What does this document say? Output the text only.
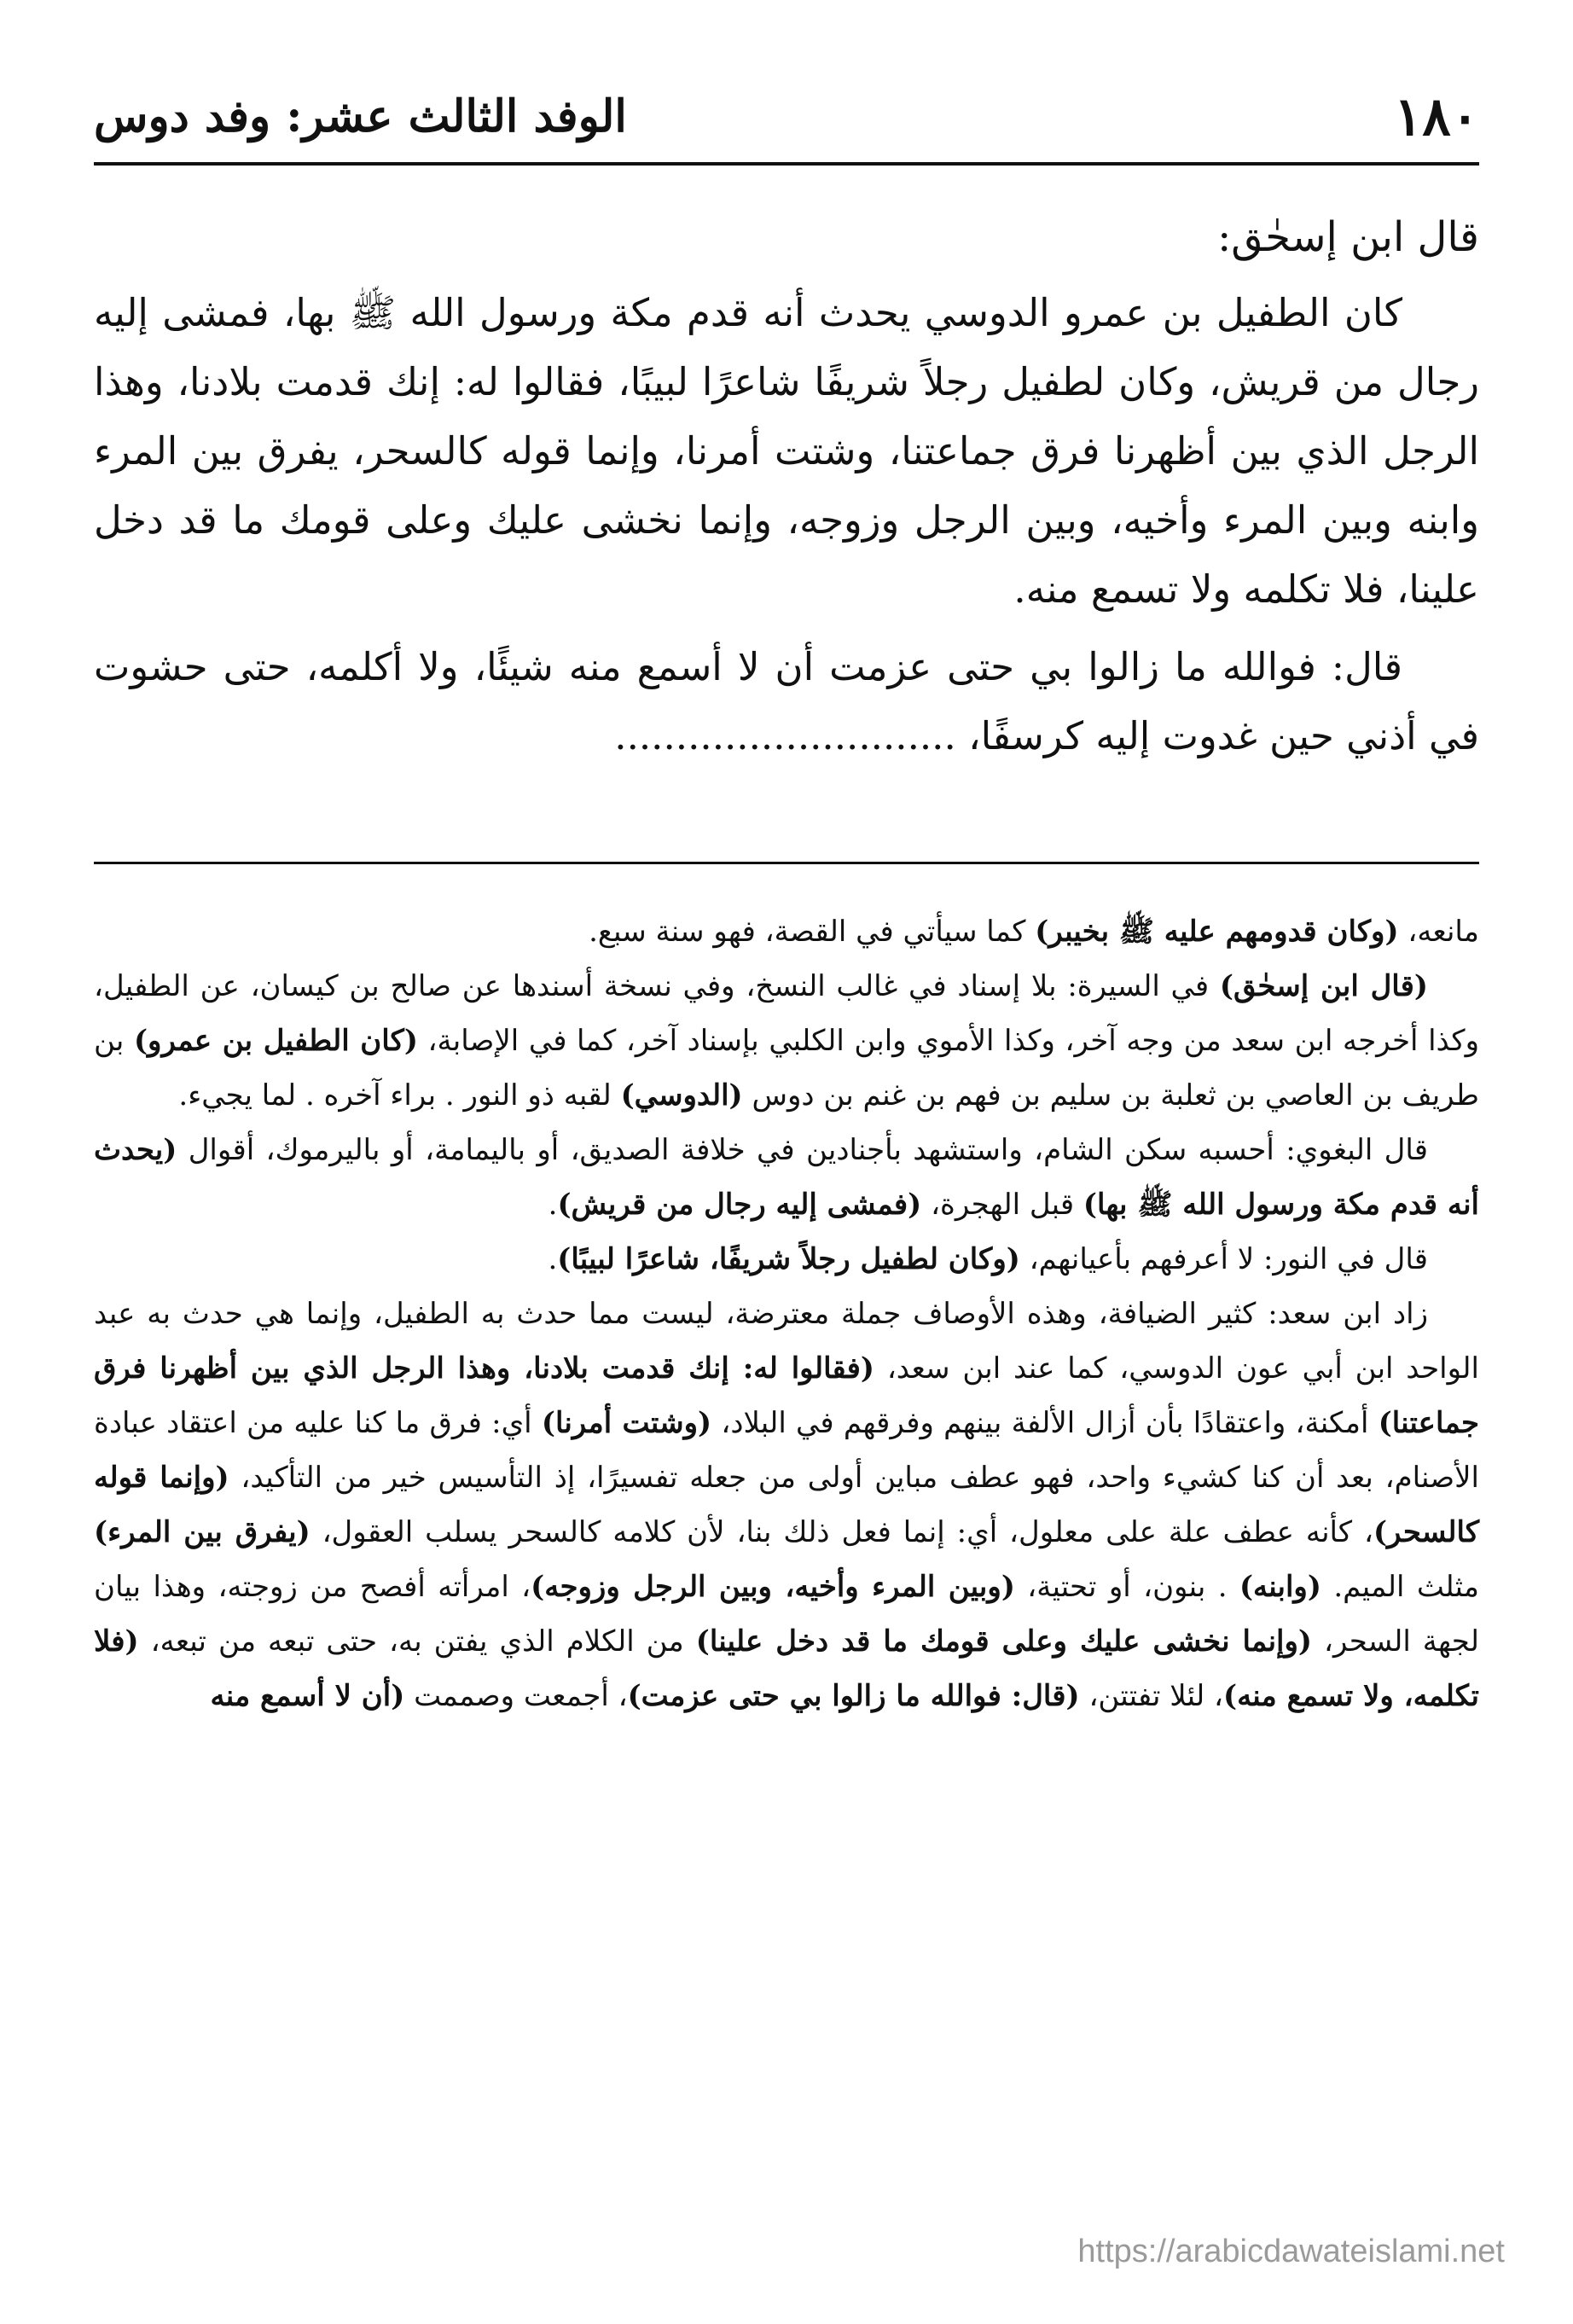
١٨٠
الوفد الثالث عشر: وفد دوس
قال ابن إسحٰق:

كان الطفيل بن عمرو الدوسي يحدث أنه قدم مكة ورسول الله ﷺ بها، فمشى إليه رجال من قريش، وكان لطفيل رجلاً شريفًا شاعرًا لبيبًا، فقالوا له: إنك قدمت بلادنا، وهذا الرجل الذي بين أظهرنا فرق جماعتنا، وشتت أمرنا، وإنما قوله كالسحر، يفرق بين المرء وابنه وبين المرء وأخيه، وبين الرجل وزوجه، وإنما نخشى عليك وعلى قومك ما قد دخل علينا، فلا تكلمه ولا تسمع منه.

قال: فوالله ما زالوا بي حتى عزمت أن لا أسمع منه شيئًا، ولا أكلمه، حتى حشوت في أذني حين غدوت إليه كرسفًا، ............................

مانعه، (وكان قدومهم عليه ﷺ بخيبر) كما سيأتي في القصة، فهو سنة سبع.

(قال ابن إسحٰق) في السيرة: بلا إسناد في غالب النسخ، وفي نسخة أسندها عن صالح بن كيسان، عن الطفيل، وكذا أخرجه ابن سعد من وجه آخر، وكذا الأموي وابن الكلبي بإسناد آخر، كما في الإصابة، (كان الطفيل بن عمرو) بن طريف بن العاصي بن ثعلبة بن سليم بن فهم بن غنم بن دوس (الدوسي) لقبه ذو النور . براء آخره . لما يجيء.

قال البغوي: أحسبه سكن الشام، واستشهد بأجنادين في خلافة الصديق، أو باليمامة، أو باليرموك، أقوال (يحدث أنه قدم مكة ورسول الله ﷺ بها) قبل الهجرة، (فمشى إليه رجال من قريش).

قال في النور: لا أعرفهم بأعيانهم، (وكان لطفيل رجلاً شريفًا، شاعرًا لبيبًا).

زاد ابن سعد: كثير الضيافة، وهذه الأوصاف جملة معترضة، ليست مما حدث به الطفيل، وإنما هي حدث به عبد الواحد ابن أبي عون الدوسي، كما عند ابن سعد، (فقالوا له: إنك قدمت بلادنا، وهذا الرجل الذي بين أظهرنا فرق جماعتنا) أمكنة، واعتقادًا بأن أزال الألفة بينهم وفرقهم في البلاد، (وشتت أمرنا) أي: فرق ما كنا عليه من اعتقاد عبادة الأصنام، بعد أن كنا كشيء واحد، فهو عطف مباين أولى من جعله تفسيرًا، إذ التأسيس خير من التأكيد، (وإنما قوله كالسحر)، كأنه عطف علة على معلول، أي: إنما فعل ذلك بنا، لأن كلامه كالسحر يسلب العقول، (يفرق بين المرء) مثلث الميم. (وابنه) . بنون، أو تحتية، (وبين المرء وأخيه، وبين الرجل وزوجه)، امرأته أفصح من زوجته، وهذا بيان لجهة السحر، (وإنما نخشى عليك وعلى قومك ما قد دخل علينا) من الكلام الذي يفتن به، حتى تبعه من تبعه، (فلا تكلمه، ولا تسمع منه)، لئلا تفتتن، (قال: فوالله ما زالوا بي حتى عزمت)، أجمعت وصممت (أن لا أسمع منه

https://arabicdawateislami.net
